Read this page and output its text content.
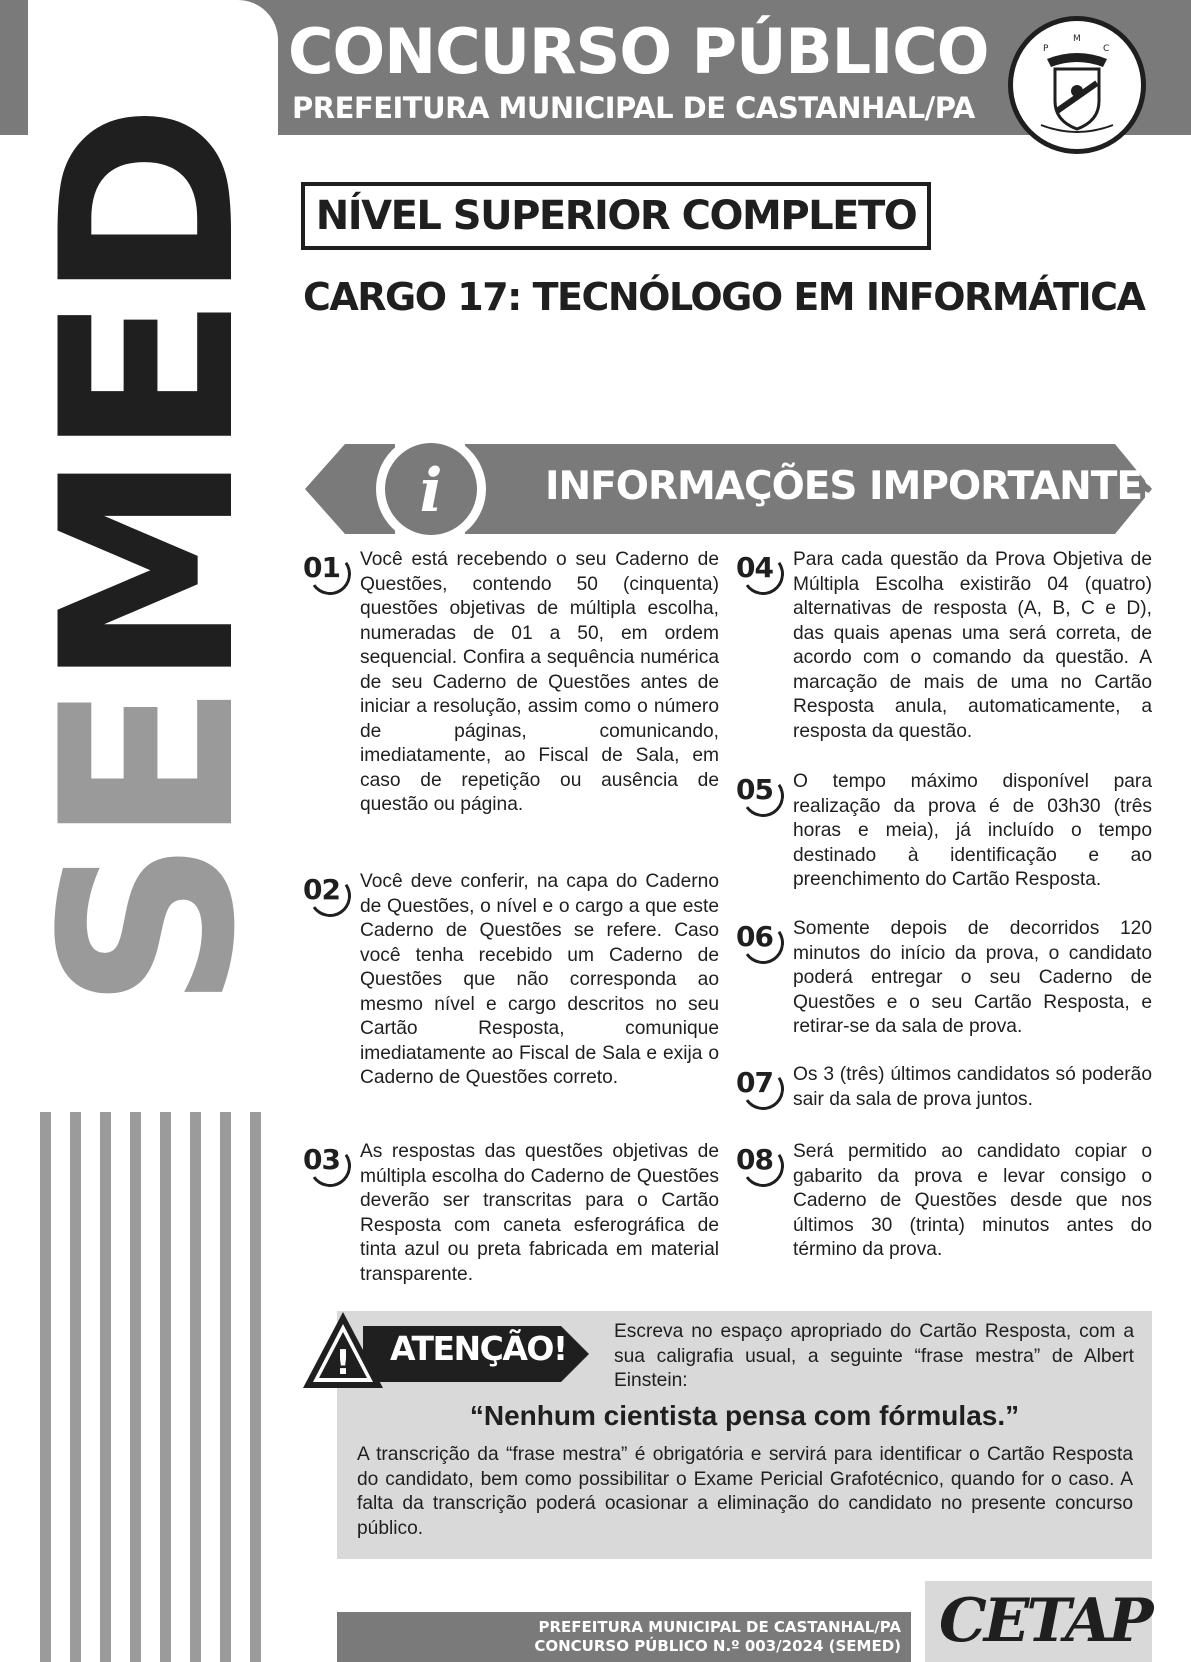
SEMED
CONCURSO PÚBLICO
PREFEITURA MUNICIPAL DE CASTANHAL/PA
P
M
C
NÍVEL SUPERIOR COMPLETO
CARGO 17: TECNÓLOGO EM INFORMÁTICA
i	INFORMAÇÕES IMPORTANTES
01	Você está recebendo o seu Caderno de Questões, contendo 50 (cinquenta) questões objetivas de múltipla escolha, numeradas de 01 a 50, em ordem sequencial. Confira a sequência numérica de seu Caderno de Questões antes de iniciar a resolução, assim como o número de páginas, comunicando, imediatamente, ao Fiscal de Sala, em caso de repetição ou ausência de questão ou página.
02	Você deve conferir, na capa do Caderno de Questões, o nível e o cargo a que este Caderno de Questões se refere. Caso você tenha recebido um Caderno de Questões que não corresponda ao mesmo nível e cargo descritos no seu Cartão Resposta, comunique imediatamente ao Fiscal de Sala e exija o Caderno de Questões correto.
03	As respostas das questões objetivas de múltipla escolha do Caderno de Questões deverão ser transcritas para o Cartão Resposta com caneta esferográfica de tinta azul ou preta fabricada em material transparente.
04	Para cada questão da Prova Objetiva de Múltipla Escolha existirão 04 (quatro) alternativas de resposta (A, B, C e D), das quais apenas uma será correta, de acordo com o comando da questão. A marcação de mais de uma no Cartão Resposta anula, automaticamente, a resposta da questão.
05	O tempo máximo disponível para realização da prova é de 03h30 (três horas e meia), já incluído o tempo destinado à identificação e ao preenchimento do Cartão Resposta.
06	Somente depois de decorridos 120 minutos do início da prova, o candidato poderá entregar o seu Caderno de Questões e o seu Cartão Resposta, e retirar-se da sala de prova.
07	Os 3 (três) últimos candidatos só poderão sair da sala de prova juntos.
08	Será permitido ao candidato copiar o gabarito da prova e levar consigo o Caderno de Questões desde que nos últimos 30 (trinta) minutos antes do término da prova.
! ATENÇÃO!	Escreva no espaço apropriado do Cartão Resposta, com a sua caligrafia usual, a seguinte “frase mestra” de Albert Einstein:
“Nenhum cientista pensa com fórmulas.”
A transcrição da “frase mestra” é obrigatória e servirá para identificar o Cartão Resposta do candidato, bem como possibilitar o Exame Pericial Grafotécnico, quando for o caso. A falta da transcrição poderá ocasionar a eliminação do candidato no presente concurso público.
PREFEITURA MUNICIPAL DE CASTANHAL/PA
CONCURSO PÚBLICO N.º 003/2024 (SEMED) CETAP
